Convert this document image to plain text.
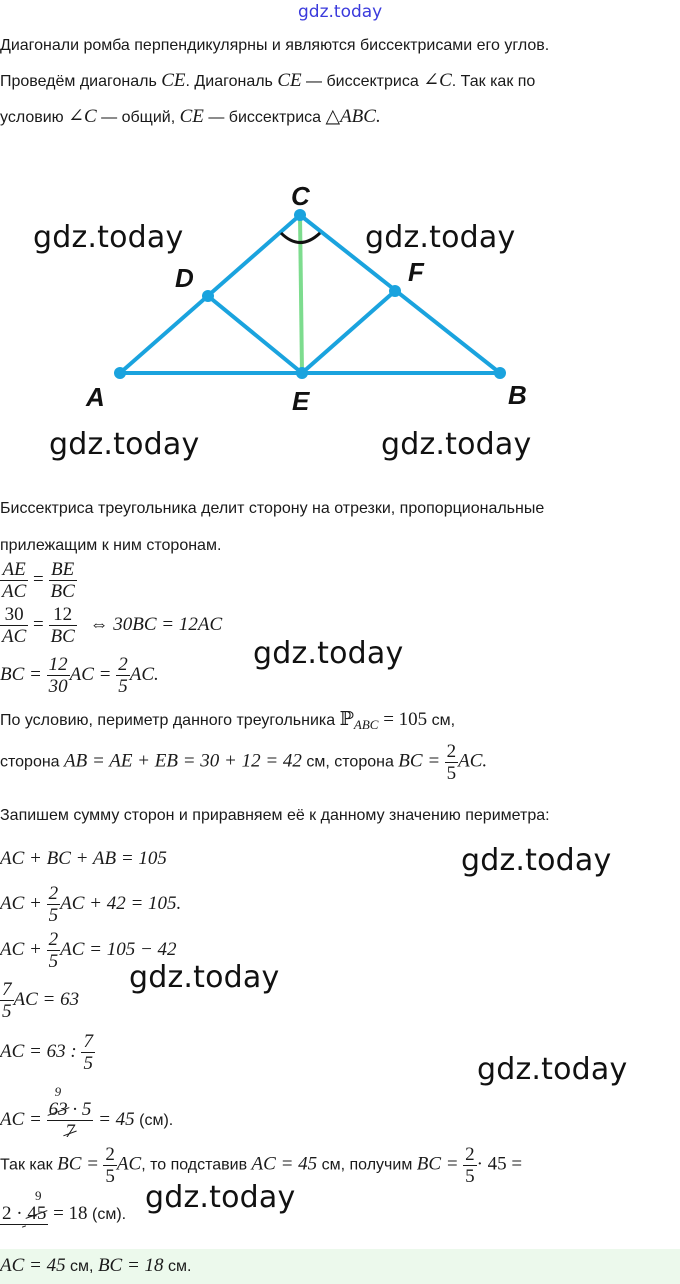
gdz.today
Диагонали ромба перпендикулярны и являются биссектрисами его углов.
Проведём диагональ CE. Диагональ CE — биссектриса ∠C. Так как по
условию ∠C — общий, CE — биссектриса △ABC.
A	B
C
D
E
F
gdz.today	gdz.today
gdz.today	gdz.today
gdz.today
gdz.today
gdz.today
gdz.today
gdz.today
Биссектриса треугольника делит сторону на отрезки, пропорциональные
прилежащим к ним сторонам.
$\frac{AE}{AC} = \frac{BE}{BC}$
$\frac{30}{AC} = \frac{12}{BC}$ ⇔ 30BC = 12AC
BC = $\frac{12}{30}$ AC = $\frac{2}{5}$ AC.
По условию, периметр данного треугольника ℙ$_{ABC}$ = 105 см,
сторона AB = AE + EB = 30 + 12 = 42 см, сторона BC = $\frac{2}{5}$ AC.
Запишем сумму сторон и приравняем её к данному значению периметра:
AC + BC + AB = 105
AC + $\frac{2}{5}$ AC + 42 = 105.
AC + $\frac{2}{5}$ AC = 105 − 42
$\frac{7}{5}$ AC = 63
AC = 63 : $\frac{7}{5}$
AC =
9
63 · 5
7
= 45 (см).
Так как BC = $\frac{2}{5}$ AC, то подставив AC = 45 см, получим BC = $\frac{2}{5} \cdot 45$ =
9
2 · 45 = 18 (см).
AC = 45 см, BC = 18 см.
